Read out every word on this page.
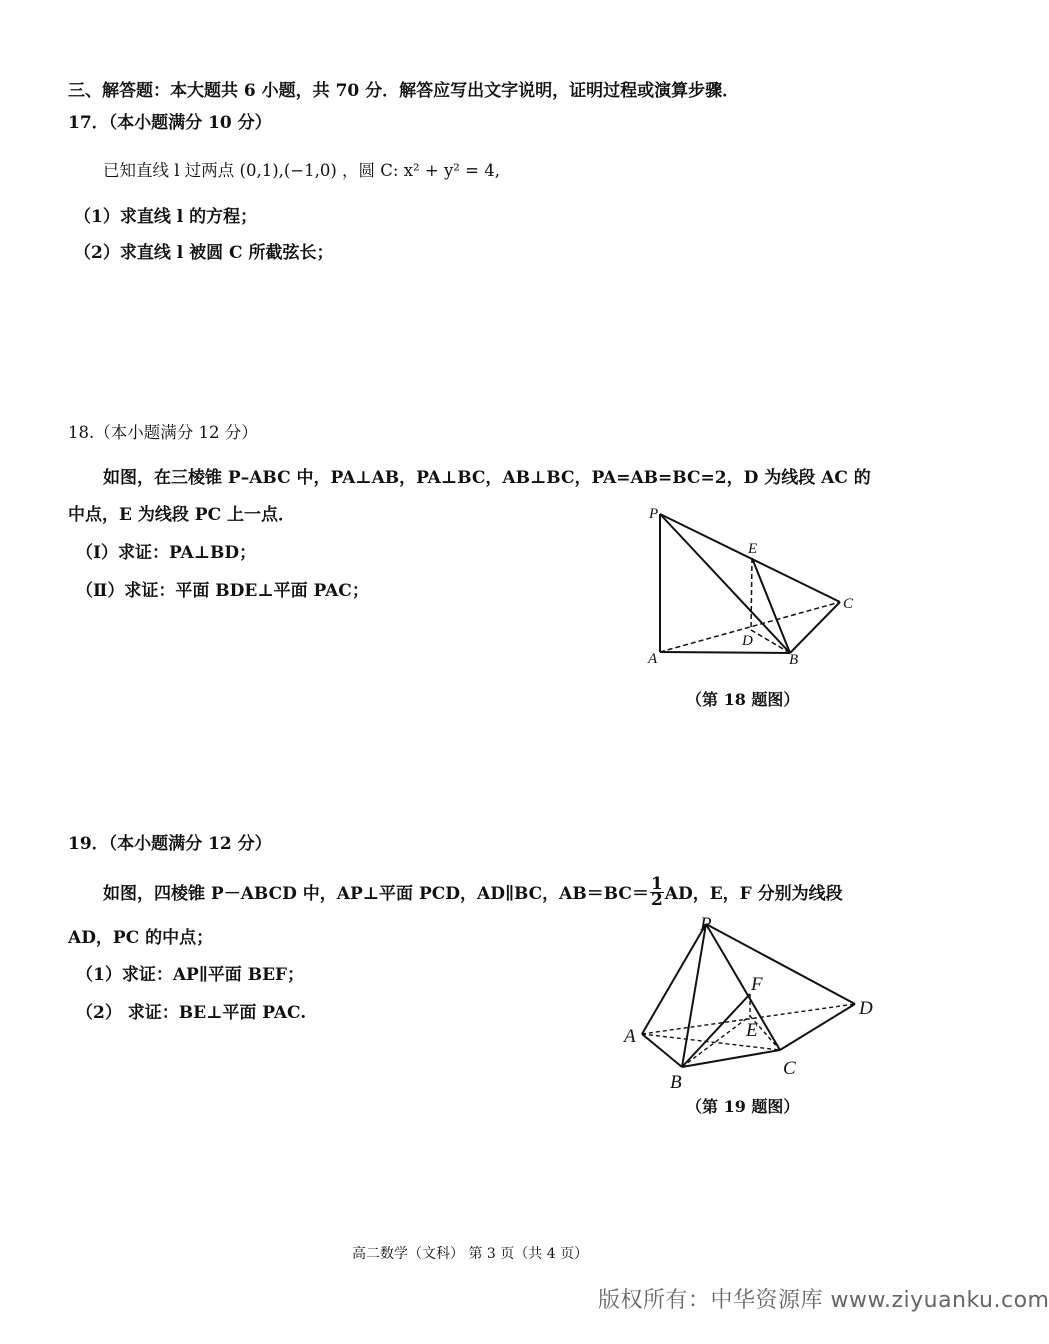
三、解答题：本大题共 6 小题，共 70 分．解答应写出文字说明，证明过程或演算步骤．
17．（本小题满分 10 分）
已知直线 l 过两点 (0,1),(−1,0) ，圆 C: x² + y² = 4,
（1）求直线 l 的方程；
（2）求直线 l 被圆 C 所截弦长；
18.（本小题满分 12 分）
如图，在三棱锥 P–ABC 中，PA⊥AB，PA⊥BC，AB⊥BC，PA=AB=BC=2，D 为线段 AC 的
中点，E 为线段 PC 上一点．
（Ⅰ）求证：PA⊥BD；
（Ⅱ）求证：平面 BDE⊥平面 PAC；
P
E
C
D
A	B
（第 18 题图）
19．（本小题满分 12 分）
如图，四棱锥 P－ABCD 中，AP⊥平面 PCD，AD∥BC，$AB=BC= \frac{1}{2}$ AD，E，F 分别为线段
AD，PC 的中点；
（1）求证：AP∥平面 BEF；
（2） 求证：BE⊥平面 PAC.
P
F
D
A	E
B
C
（第 19 题图）
高二数学（文科） 第 3 页（共 4 页）
版权所有：中华资源库 www.ziyuanku.com
